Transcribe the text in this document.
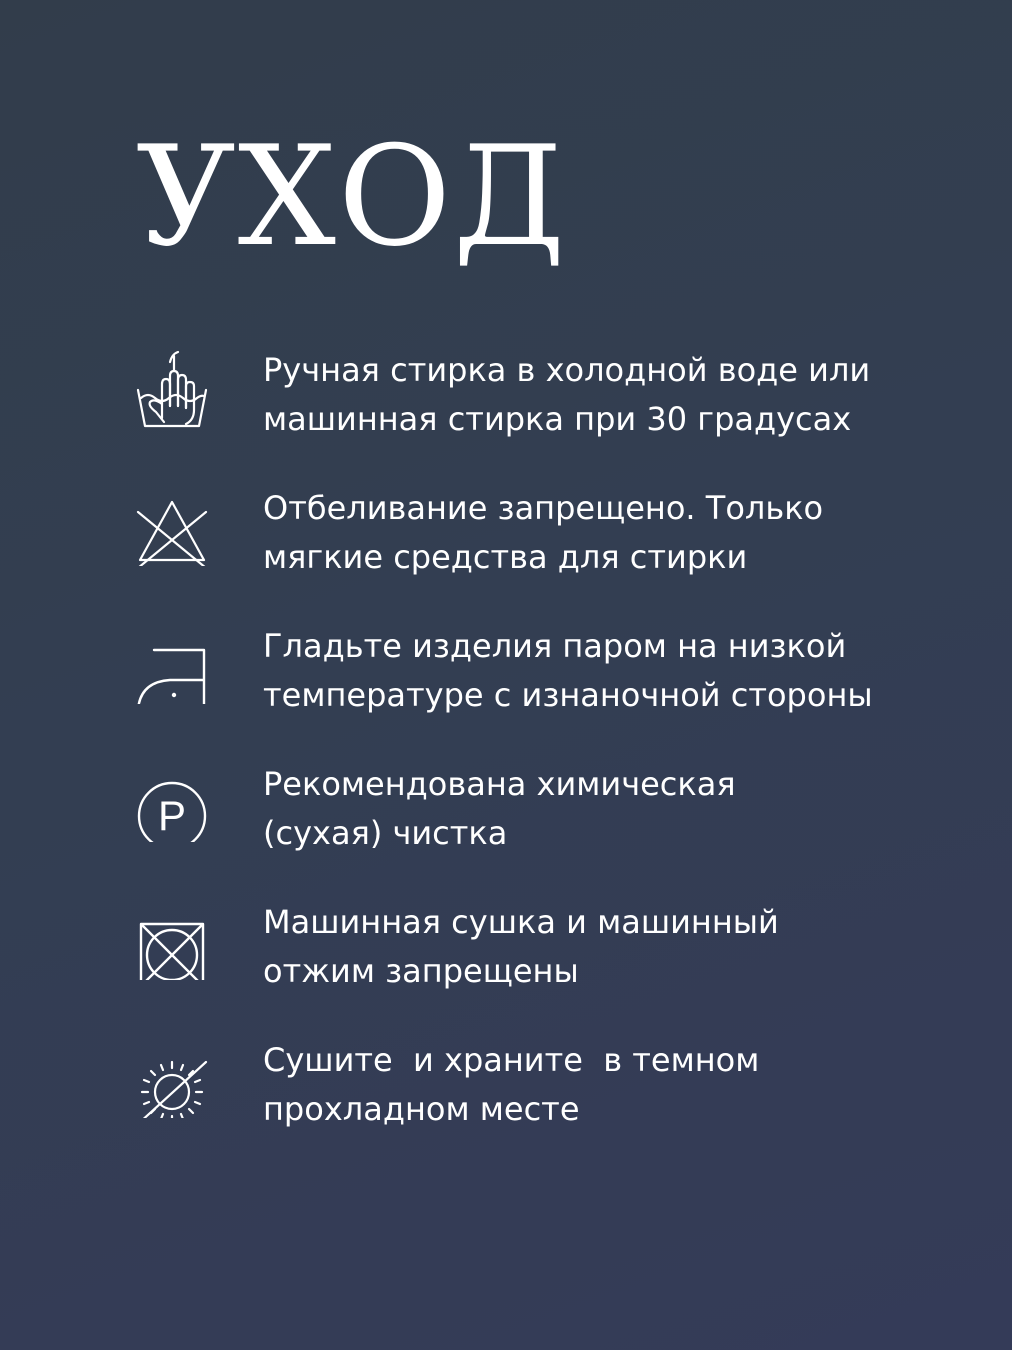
УХОД
Ручная стирка в холодной воде или
машинная стирка при 30 градусах
Отбеливание запрещено. Только
мягкие средства для стирки
Гладьте изделия паром на низкой
температуре с изнаночной стороны
P
Рекомендована химическая
(сухая) чистка
Машинная сушка и машинный
отжим запрещены
Сушите  и храните  в темном
прохладном месте
